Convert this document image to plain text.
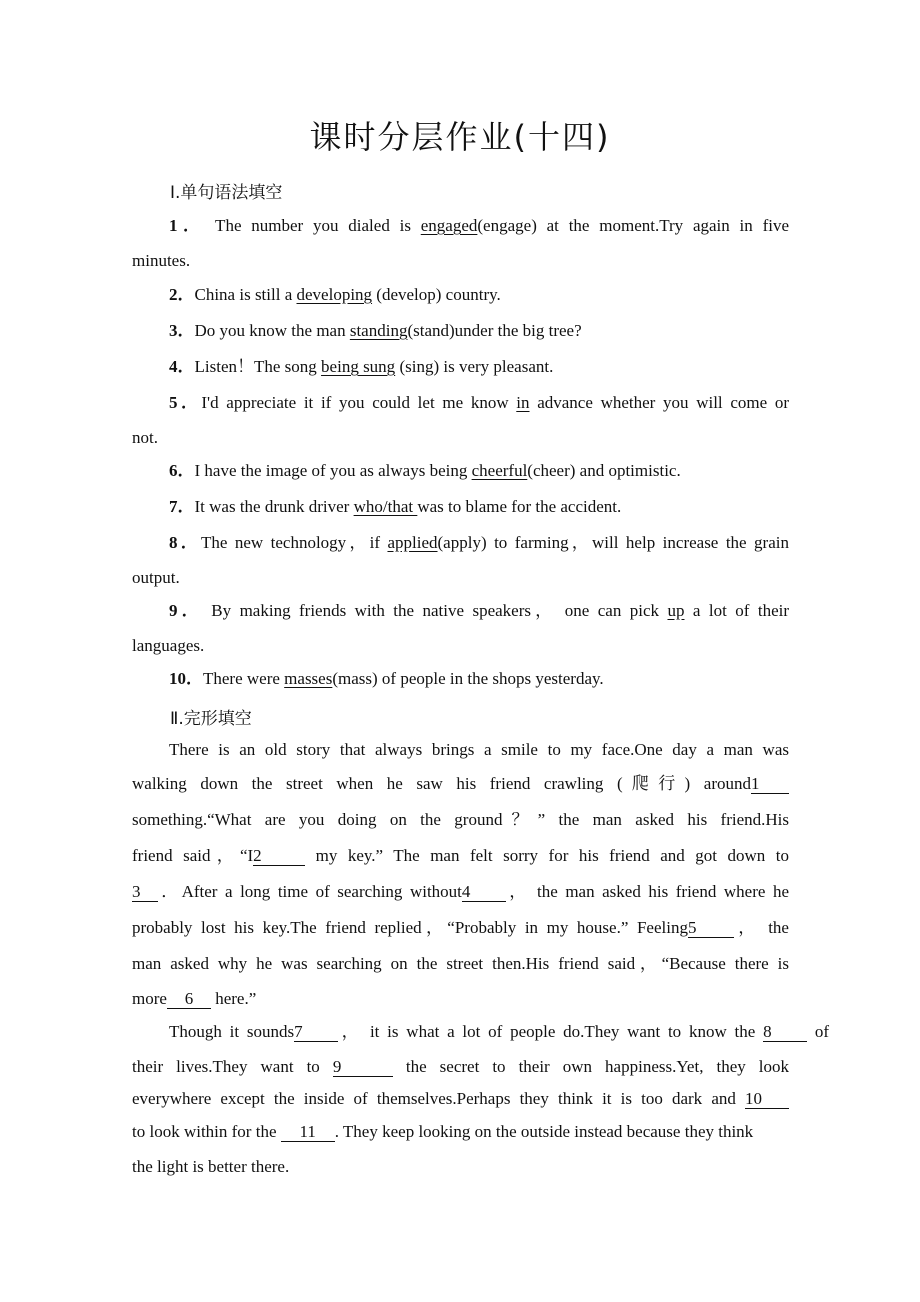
课时分层作业(十四)
Ⅰ.单句语法填空
1． The number you dialed is engaged(engage) at the moment.Try again in five
minutes.
2．China is still a developing (develop) country.
3．Do you know the man standing(stand)under the big tree?
4．Listen！The song being sung (sing) is very pleasant.
5．I'd appreciate it if you could let me know in advance whether you will come or
not.
6．I have the image of you as always being cheerful(cheer) and optimistic.
7．It was the drunk driver who/that was to blame for the accident.
8．The new technology，if applied(apply) to farming，will help increase the grain
output.
9． By making friends with the native speakers， one can pick up a lot of their
languages.
10．There were masses(mass) of people in the shops yesterday.
Ⅱ.完形填空
There is an old story that always brings a smile to my face.One day a man was
walking down the street when he saw his friend crawling (爬行) around1
something.“What are you doing on the ground？” the man asked his friend.His
friend said，“I2	my key.” The man felt sorry for his friend and got down to
3 ．After a long time of searching without4 ， the man asked his friend where he
probably lost his key.The friend replied，“Probably in my house.” Feeling5 ， the
man asked why he was searching on the street then.His friend said，“Because there is
more 6 here.”
Though it sounds7 ， it is what a lot of people do.They want to know the 8 of
their lives.They want to 9	the secret to their own happiness.Yet, they look
everywhere except the inside of themselves.Perhaps they think it is too dark and 10
to look within for the 11 . They keep looking on the outside instead because they think
the light is better there.
